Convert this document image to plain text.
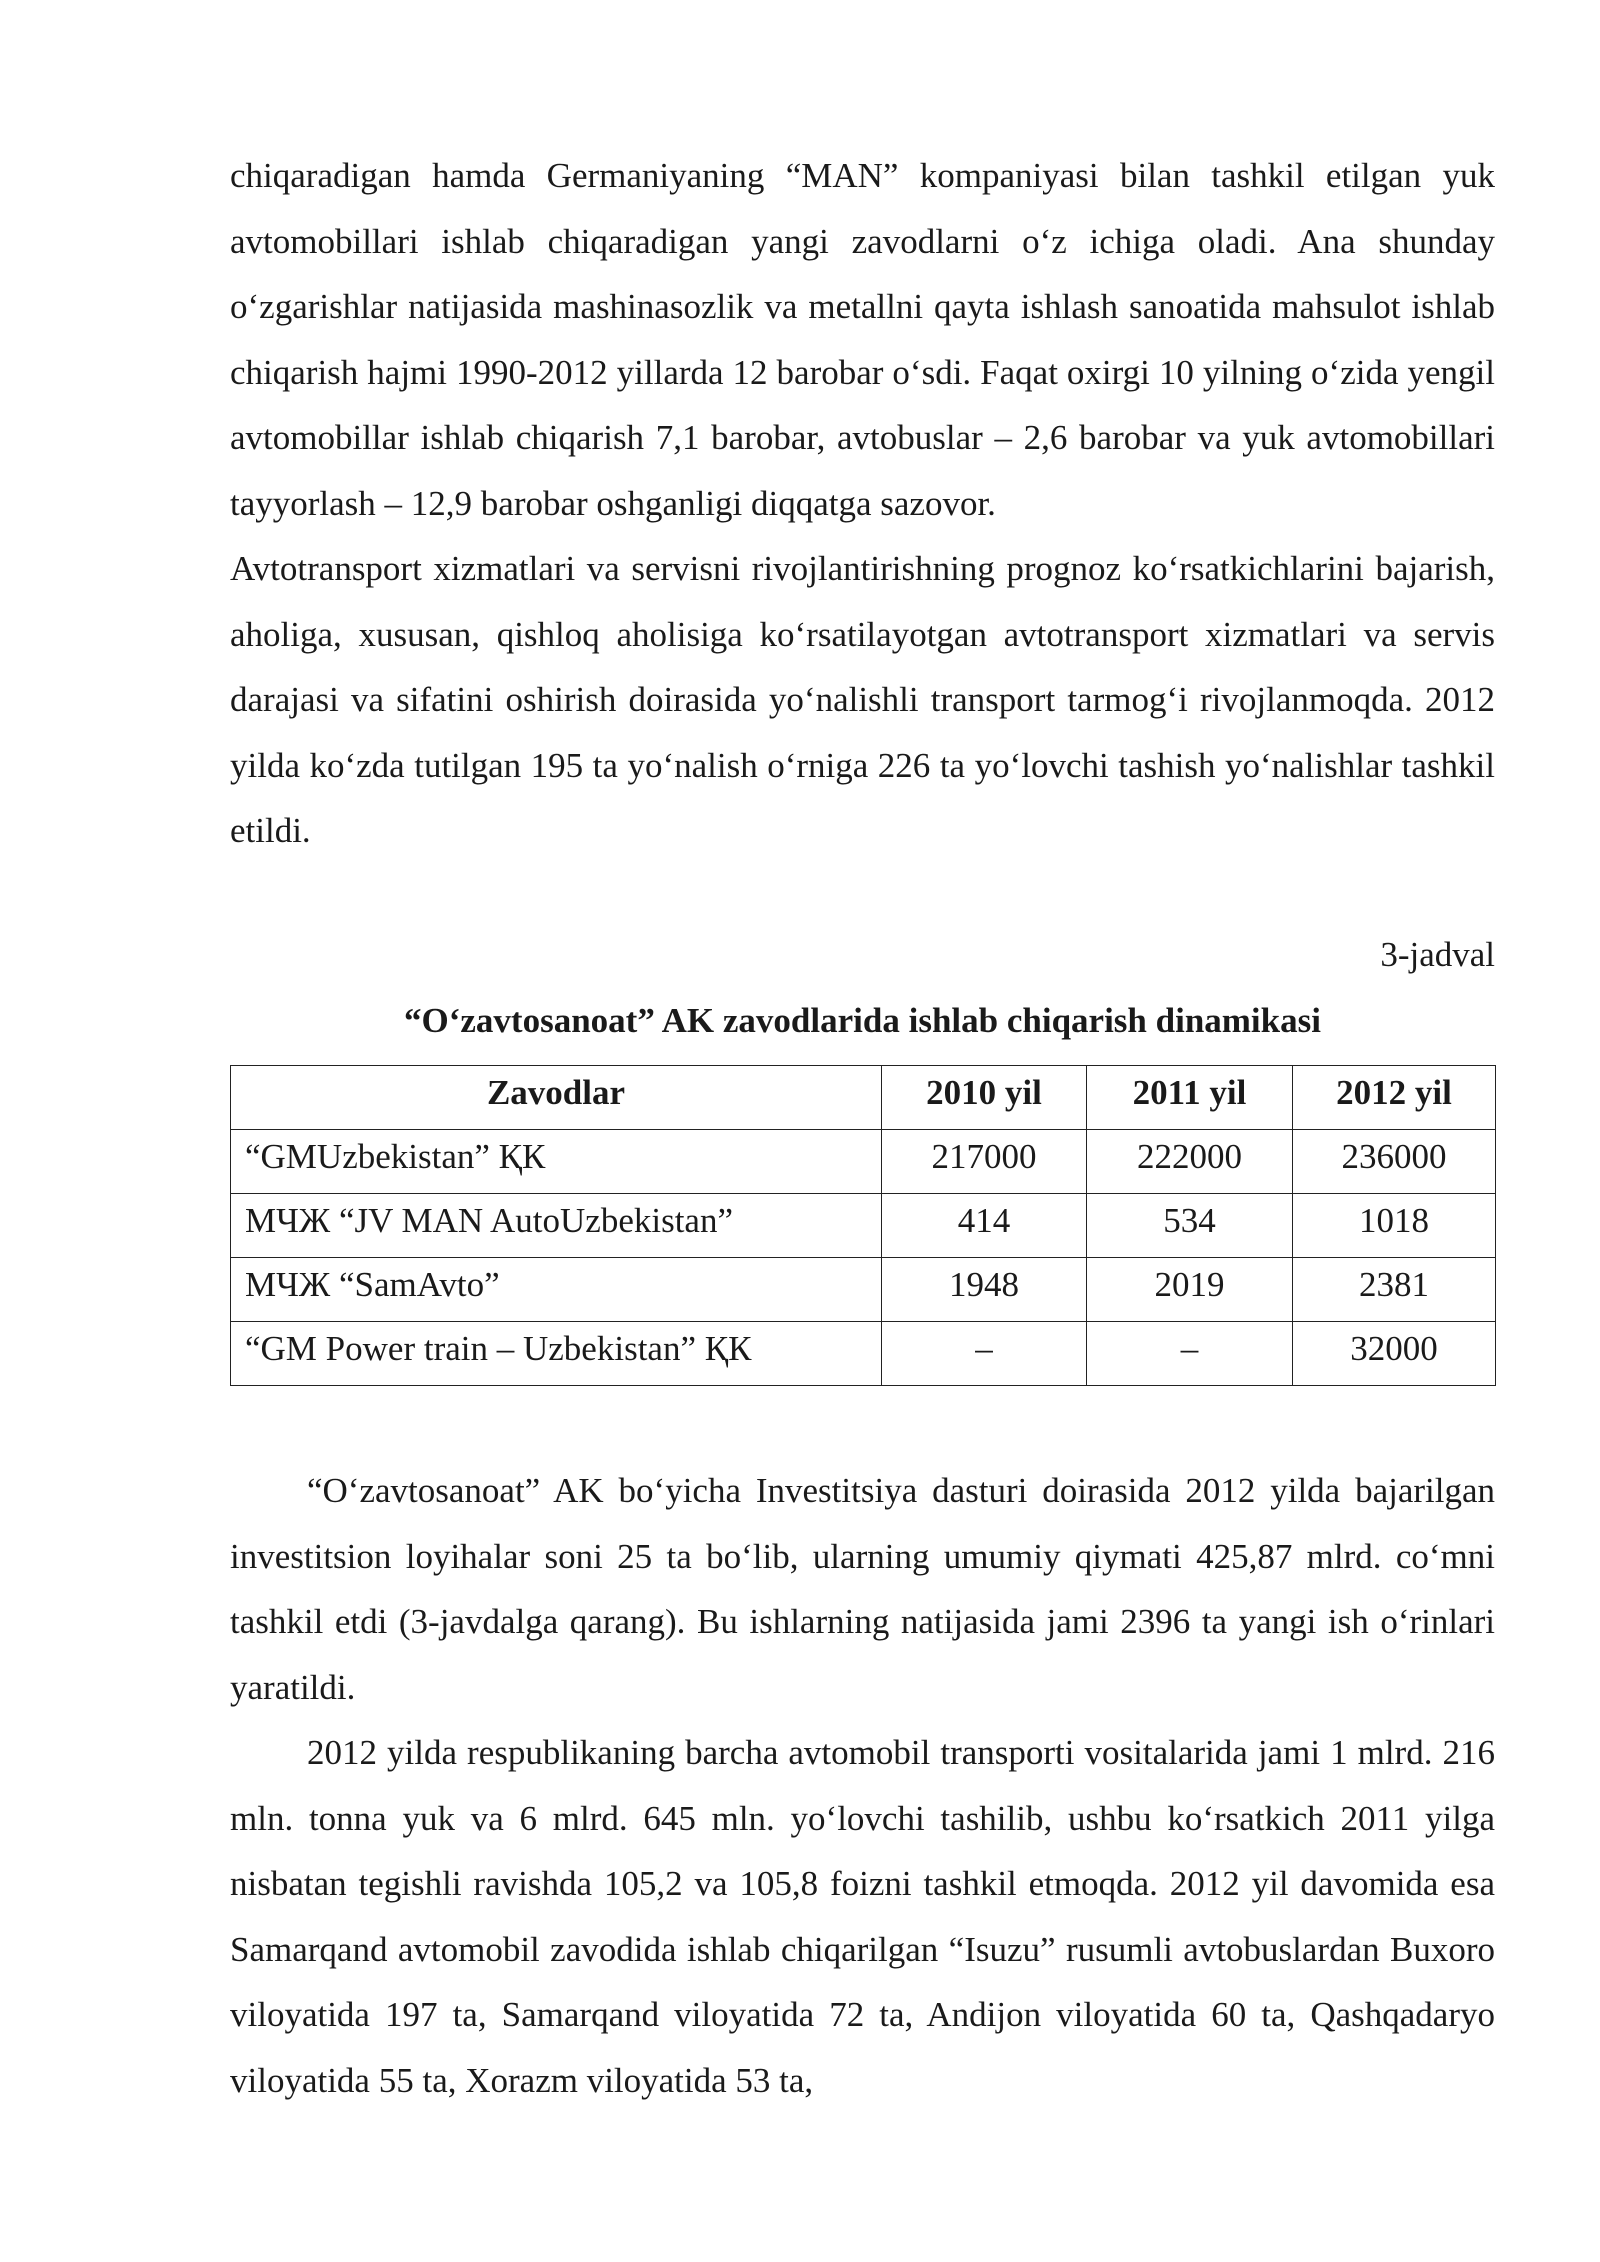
chiqaradigan hamda Germaniyaning “MAN” kompaniyasi bilan tashkil etilgan yuk avtomobillari ishlab chiqaradigan yangi zavodlarni o‘z ichiga oladi. Ana shunday o‘zgarishlar natijasida mashinasozlik va metallni qayta ishlash sanoatida mahsulot ishlab chiqarish hajmi 1990-2012 yillarda 12 barobar o‘sdi. Faqat oxirgi 10 yilning o‘zida yengil avtomobillar ishlab chiqarish 7,1 barobar, avtobuslar – 2,6 barobar va yuk avtomobillari tayyorlash – 12,9 barobar oshganligi diqqatga sazovor.

Avtotransport xizmatlari va servisni rivojlantirishning prognoz ko‘rsatkichlarini bajarish, aholiga, xususan, qishloq aholisiga ko‘rsatilayotgan avtotransport xizmatlari va servis darajasi va sifatini oshirish doirasida yo‘nalishli transport tarmog‘i rivojlanmoqda. 2012 yilda ko‘zda tutilgan 195 ta yo‘nalish o‘rniga 226 ta yo‘lovchi tashish yo‘nalishlar tashkil etildi.

3-jadval
“O‘zavtosanoat” AK zavodlarida ishlab chiqarish dinamikasi
Zavodlar	2010 yil	2011 yil	2012 yil
“GMUzbekistan” ҚК	217000	222000	236000
МЧЖ “JV MAN AutoUzbekistan”	414	534	1018
МЧЖ “SamAvto”	1948	2019	2381
“GM Power train – Uzbekistan” ҚК	–	–	32000

“O‘zavtosanoat” AK bo‘yicha Investitsiya dasturi doirasida 2012 yilda bajarilgan investitsion loyihalar soni 25 ta bo‘lib, ularning umumiy qiymati 425,87 mlrd. co‘mni tashkil etdi (3-javdalga qarang). Bu ishlarning natijasida jami 2396 ta yangi ish o‘rinlari yaratildi.

2012 yilda respublikaning barcha avtomobil transporti vositalarida jami 1 mlrd. 216 mln. tonna yuk va 6 mlrd. 645 mln. yo‘lovchi tashilib, ushbu ko‘rsatkich 2011 yilga nisbatan tegishli ravishda 105,2 va 105,8 foizni tashkil etmoqda. 2012 yil davomida esa Samarqand avtomobil zavodida ishlab chiqarilgan “Isuzu” rusumli avtobuslardan Buxoro viloyatida 197 ta, Samarqand viloyatida 72 ta, Andijon viloyatida 60 ta, Qashqadaryo viloyatida 55 ta, Xorazm viloyatida 53 ta,
